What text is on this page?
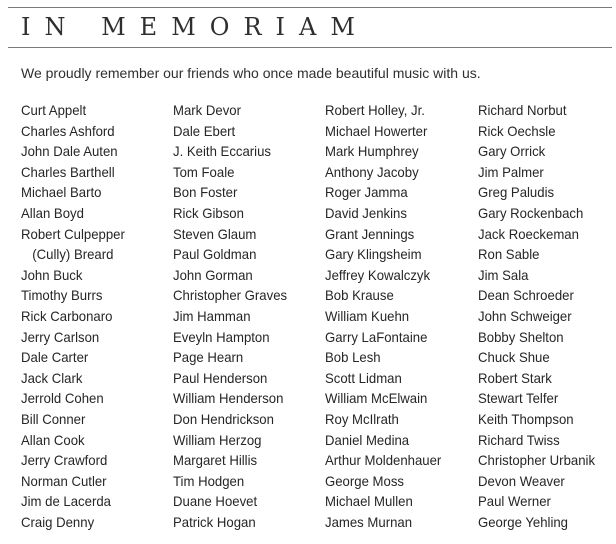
IN MEMORIAM

We proudly remember our friends who once made beautiful music with us.

Curt Appelt
Charles Ashford
John Dale Auten
Charles Barthell
Michael Barto
Allan Boyd
Robert Culpepper
(Cully) Breard
John Buck
Timothy Burrs
Rick Carbonaro
Jerry Carlson
Dale Carter
Jack Clark
Jerrold Cohen
Bill Conner
Allan Cook
Jerry Crawford
Norman Cutler
Jim de Lacerda
Craig Denny
Mark Devor
Dale Ebert
J. Keith Eccarius
Tom Foale
Bon Foster
Rick Gibson
Steven Glaum
Paul Goldman
John Gorman
Christopher Graves
Jim Hamman
Eveyln Hampton
Page Hearn
Paul Henderson
William Henderson
Don Hendrickson
William Herzog
Margaret Hillis
Tim Hodgen
Duane Hoevet
Patrick Hogan
Robert Holley, Jr.
Michael Howerter
Mark Humphrey
Anthony Jacoby
Roger Jamma
David Jenkins
Grant Jennings
Gary Klingsheim
Jeffrey Kowalczyk
Bob Krause
William Kuehn
Garry LaFontaine
Bob Lesh
Scott Lidman
William McElwain
Roy McIlrath
Daniel Medina
Arthur Moldenhauer
George Moss
Michael Mullen
James Murnan
Richard Norbut
Rick Oechsle
Gary Orrick
Jim Palmer
Greg Paludis
Gary Rockenbach
Jack Roeckeman
Ron Sable
Jim Sala
Dean Schroeder
John Schweiger
Bobby Shelton
Chuck Shue
Robert Stark
Stewart Telfer
Keith Thompson
Richard Twiss
Christopher Urbanik
Devon Weaver
Paul Werner
George Yehling
